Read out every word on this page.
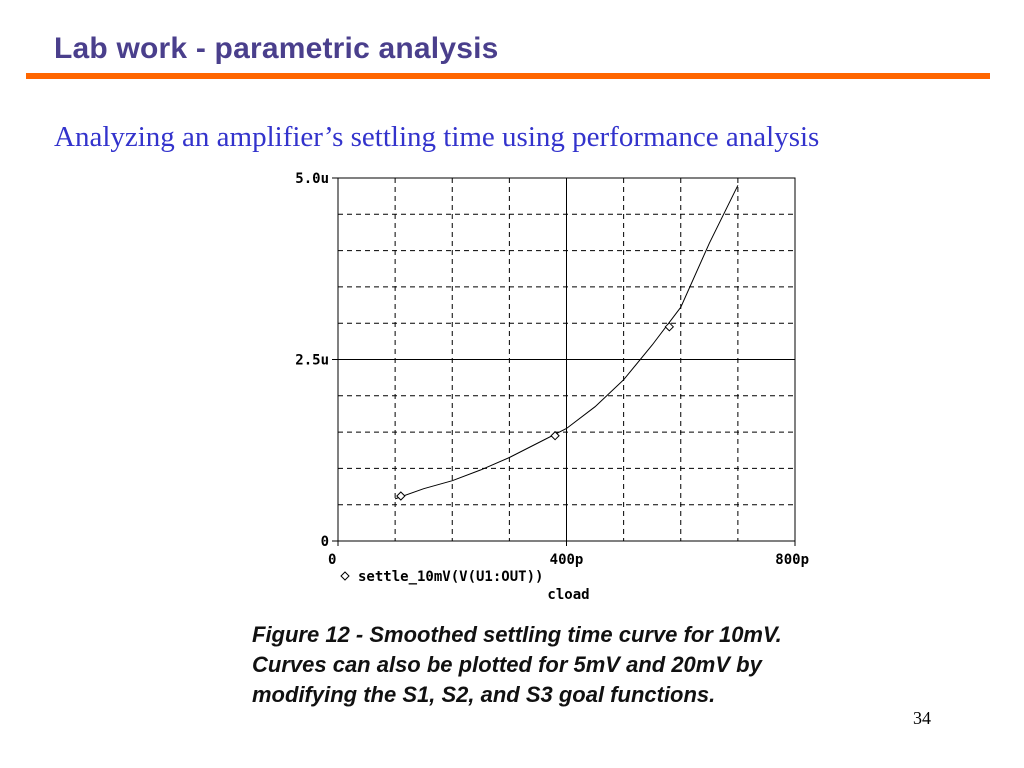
Lab work - parametric analysis
Analyzing an amplifier’s settling time using performance analysis
0
2.5u
5.0u
0	400p	800p
settle_10mV(V(U1:OUT))
cload
Figure 12 - Smoothed settling time curve for 10mV. Curves can also be plotted for 5mV and 20mV by modifying the S1, S2, and S3 goal functions.
34
